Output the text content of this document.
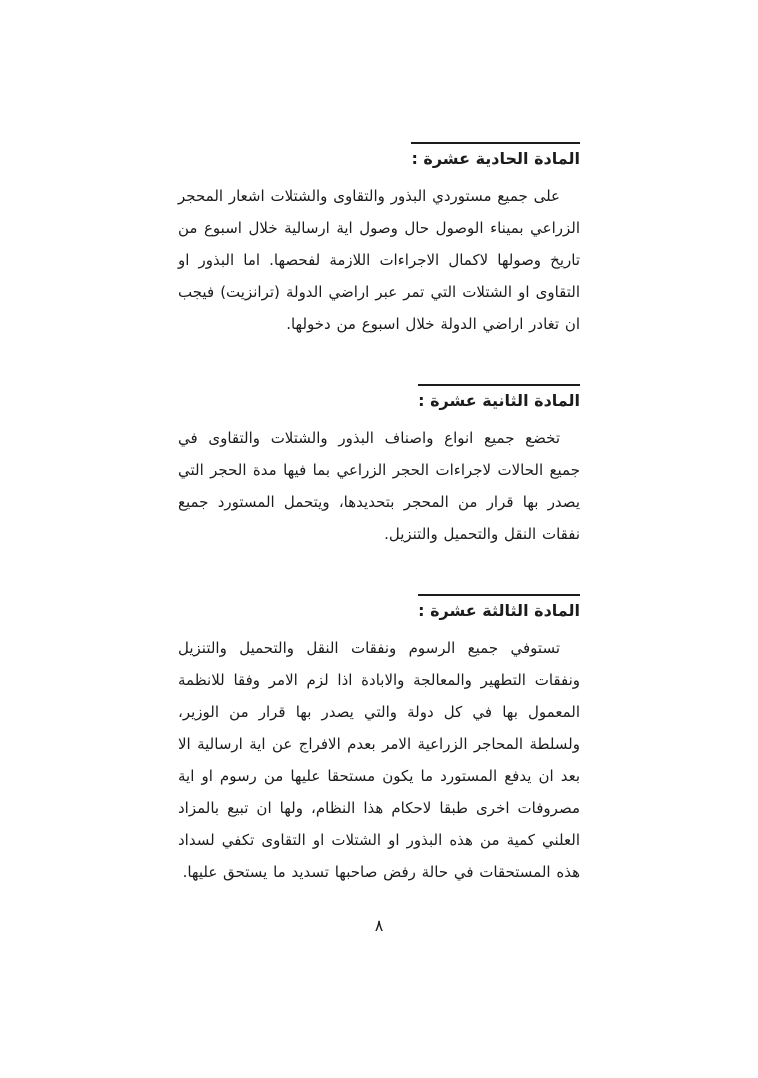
المادة الحادية عشرة :

على جميع مستوردي البذور والتقاوى والشتلات اشعار المحجر الزراعي بميناء الوصول حال وصول اية ارسالية خلال اسبوع من تاريخ وصولها لاكمال الاجراءات اللازمة لفحصها. اما البذور او التقاوى او الشتلات التي تمر عبر اراضي الدولة (ترانزيت) فيجب ان تغادر اراضي الدولة خلال اسبوع من دخولها.

المادة الثانية عشرة :

تخضع جميع انواع واصناف البذور والشتلات والتقاوى في جميع الحالات لاجراءات الحجر الزراعي بما فيها مدة الحجر التي يصدر بها قرار من المحجر بتحديدها، ويتحمل المستورد جميع نفقات النقل والتحميل والتنزيل.

المادة الثالثة عشرة :

تستوفي جميع الرسوم ونفقات النقل والتحميل والتنزيل ونفقات التطهير والمعالجة والابادة اذا لزم الامر وفقا للانظمة المعمول بها في كل دولة والتي يصدر بها قرار من الوزير، ولسلطة المحاجر الزراعية الامر بعدم الافراج عن اية ارسالية الا بعد ان يدفع المستورد ما يكون مستحقا عليها من رسوم او اية مصروفات اخرى طبقا لاحكام هذا النظام، ولها ان تبيع بالمزاد العلني كمية من هذه البذور او الشتلات او التقاوى تكفي لسداد هذه المستحقات في حالة رفض صاحبها تسديد ما يستحق عليها.

٨
